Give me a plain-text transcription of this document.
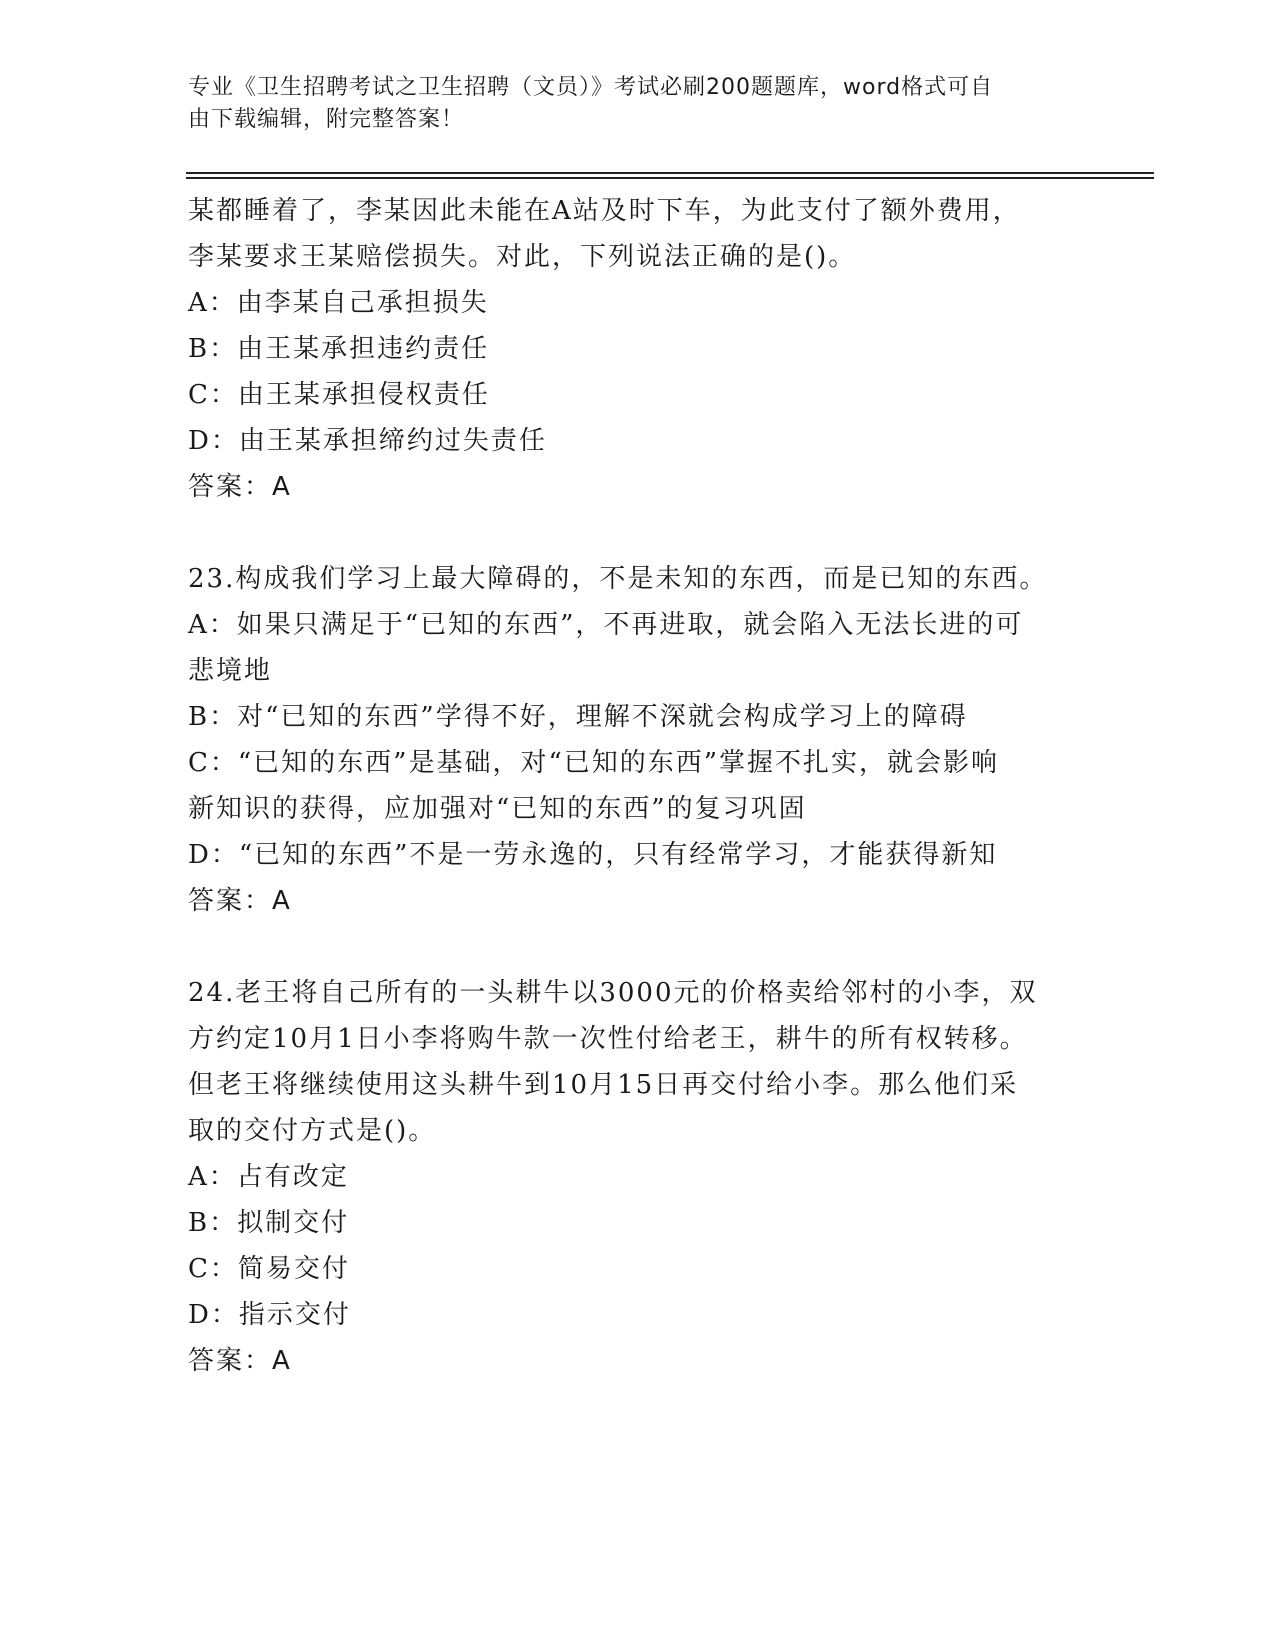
专业《卫生招聘考试之卫生招聘（文员）》考试必刷200题题库，word格式可自
由下载编辑，附完整答案！
某都睡着了，李某因此未能在A站及时下车，为此支付了额外费用，
李某要求王某赔偿损失。对此，下列说法正确的是()。
A：由李某自己承担损失
B：由王某承担违约责任
C：由王某承担侵权责任
D：由王某承担缔约过失责任
答案：A
23.构成我们学习上最大障碍的，不是未知的东西，而是已知的东西。
A：如果只满足于“已知的东西”，不再进取，就会陷入无法长进的可
悲境地
B：对“已知的东西”学得不好，理解不深就会构成学习上的障碍
C：“已知的东西”是基础，对“已知的东西”掌握不扎实，就会影响
新知识的获得，应加强对“已知的东西”的复习巩固
D：“已知的东西”不是一劳永逸的，只有经常学习，才能获得新知
答案：A
24.老王将自己所有的一头耕牛以3000元的价格卖给邻村的小李，双
方约定10月1日小李将购牛款一次性付给老王，耕牛的所有权转移。
但老王将继续使用这头耕牛到10月15日再交付给小李。那么他们采
取的交付方式是()。
A：占有改定
B：拟制交付
C：简易交付
D：指示交付
答案：A
